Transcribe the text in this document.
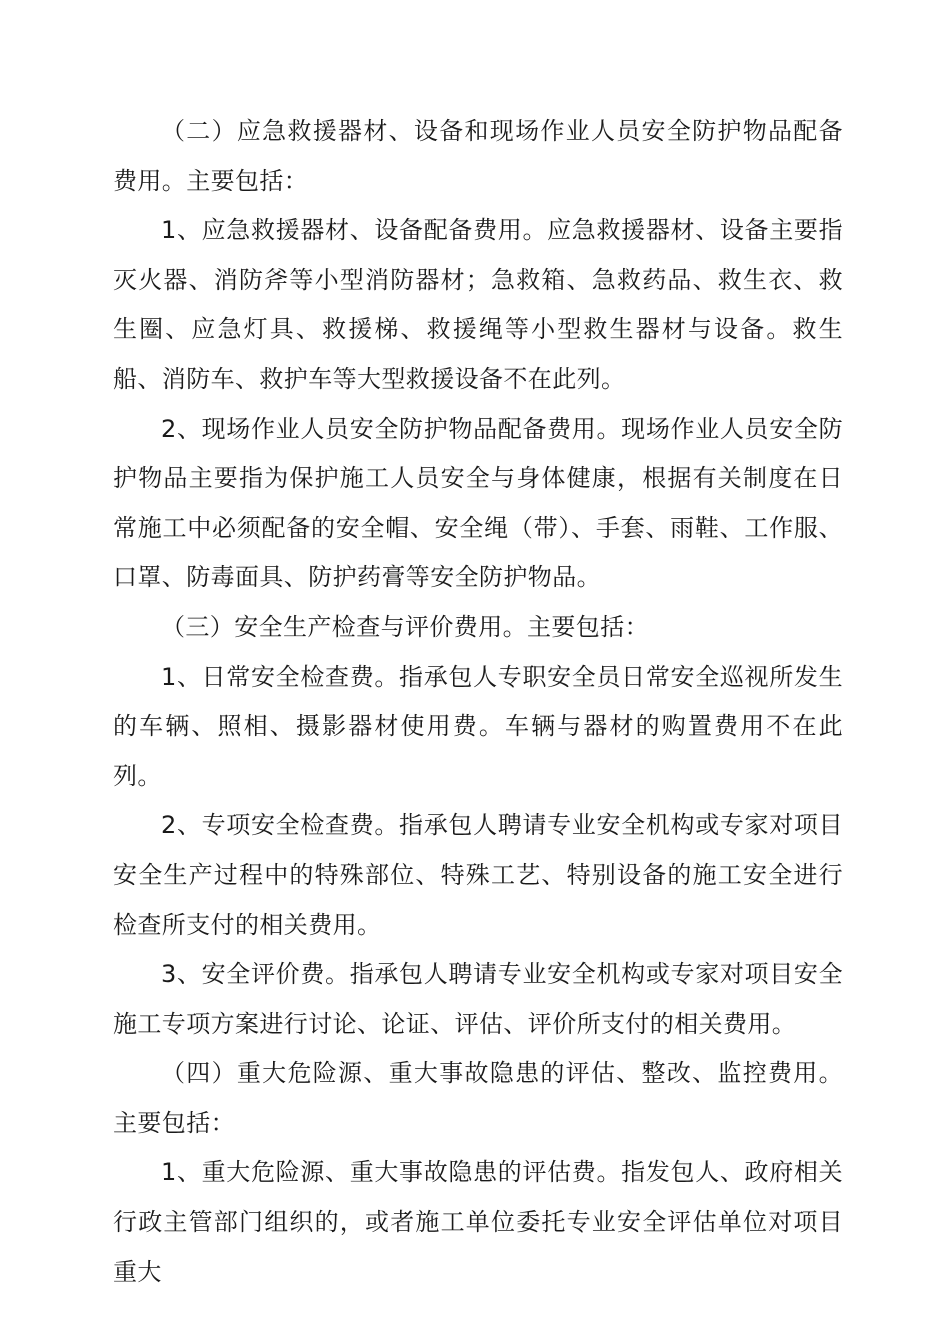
（二）应急救援器材、设备和现场作业人员安全防护物品配备费用。主要包括：

1、应急救援器材、设备配备费用。应急救援器材、设备主要指灭火器、消防斧等小型消防器材；急救箱、急救药品、救生衣、救生圈、应急灯具、救援梯、救援绳等小型救生器材与设备。救生船、消防车、救护车等大型救援设备不在此列。

2、现场作业人员安全防护物品配备费用。现场作业人员安全防护物品主要指为保护施工人员安全与身体健康，根据有关制度在日常施工中必须配备的安全帽、安全绳（带）、手套、雨鞋、工作服、口罩、防毒面具、防护药膏等安全防护物品。

（三）安全生产检查与评价费用。主要包括：

1、日常安全检查费。指承包人专职安全员日常安全巡视所发生的车辆、照相、摄影器材使用费。车辆与器材的购置费用不在此列。

2、专项安全检查费。指承包人聘请专业安全机构或专家对项目安全生产过程中的特殊部位、特殊工艺、特别设备的施工安全进行检查所支付的相关费用。

3、安全评价费。指承包人聘请专业安全机构或专家对项目安全施工专项方案进行讨论、论证、评估、评价所支付的相关费用。

（四）重大危险源、重大事故隐患的评估、整改、监控费用。主要包括：

1、重大危险源、重大事故隐患的评估费。指发包人、政府相关行政主管部门组织的，或者施工单位委托专业安全评估单位对项目重大
